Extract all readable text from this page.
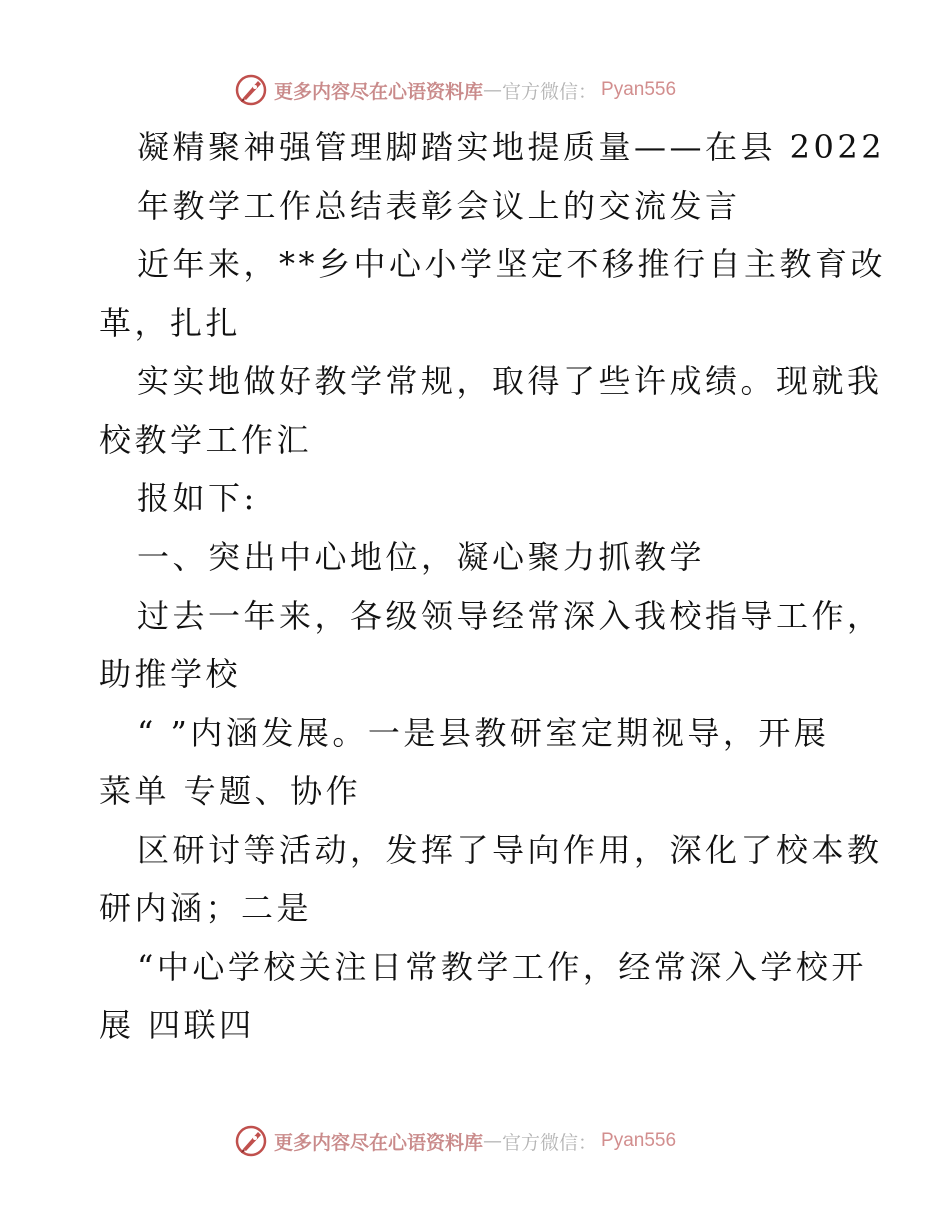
更多内容尽在心语资料库 — 官方微信： Pyan556
凝精聚神强管理脚踏实地提质量——在县 2022
年教学工作总结表彰会议上的交流发言
近年来，**乡中心小学坚定不移推行自主教育改
革，扎扎
实实地做好教学常规，取得了些许成绩。现就我
校教学工作汇
报如下:
一、突出中心地位，凝心聚力抓教学
过去一年来，各级领导经常深入我校指导工作，
助推学校
“ ”内涵发展。一是县教研室定期视导，开展
菜单 专题、协作
区研讨等活动，发挥了导向作用，深化了校本教
研内涵；二是
“中心学校关注日常教学工作，经常深入学校开
展 四联四
更多内容尽在心语资料库 — 官方微信： Pyan556
